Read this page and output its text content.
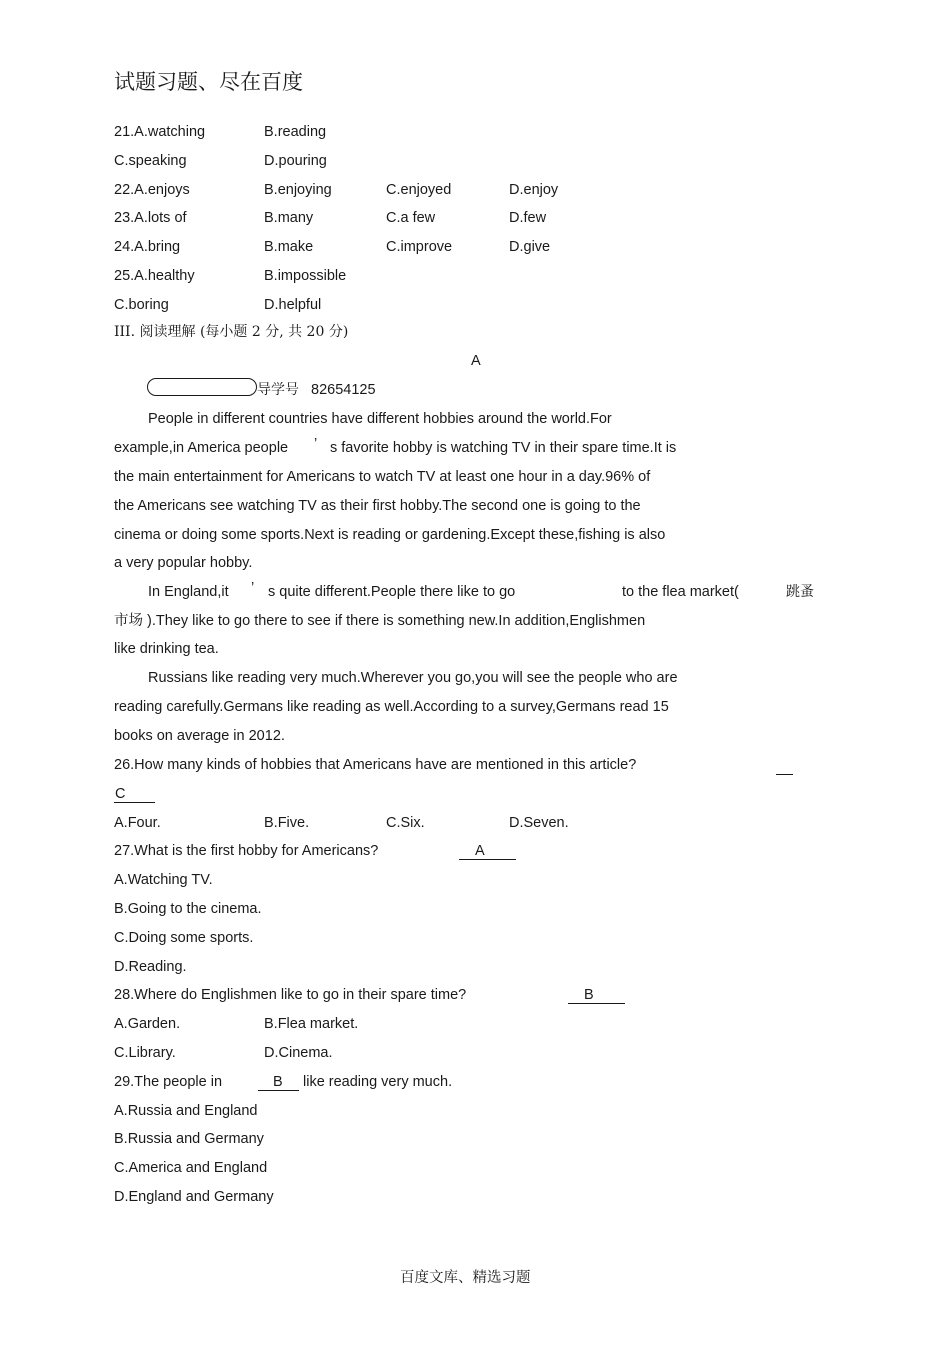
试题习题、尽在百度
21.A.watching	B.reading
C.speaking	D.pouring
22.A.enjoys	B.enjoying	C.enjoyed	D.enjoy
23.A.lots of	B.many	C.a few	D.few
24.A.bring	B.make	C.improve	D.give
25.A.healthy	B.impossible
C.boring	D.helpful
III. 阅读理解 (每小题 2 分, 共 20 分)
A
导学号 82654125
People in different countries have different hobbies around the world.For
example,in America people ’ s favorite hobby is watching TV in their spare time.It is
the main entertainment for Americans to watch TV at least one hour in a day.96% of
the Americans see watching TV as their first hobby.The second one is going to the
cinema or doing some sports.Next is reading or gardening.Except these,fishing is also
a very popular hobby.
In England,it ’ s quite different.People there like to go	to the flea market(	跳蚤
市场 ).They like to go there to see if there is something new.In addition,Englishmen
like drinking tea.
Russians like reading very much.Wherever you go,you will see the people who are
reading carefully.Germans like reading as well.According to a survey,Germans read 15
books on average in 2012.
26.How many kinds of hobbies that Americans have are mentioned in this article?
C
A.Four.	B.Five.	C.Six.	D.Seven.
27.What is the first hobby for Americans?	A
A.Watching TV.
B.Going to the cinema.
C.Doing some sports.
D.Reading.
28.Where do Englishmen like to go in their spare time?	B
A.Garden.	B.Flea market.
C.Library.	D.Cinema.
29.The people in	B like reading very much.
A.Russia and England
B.Russia and Germany
C.America and England
D.England and Germany
百度文库、精选习题
